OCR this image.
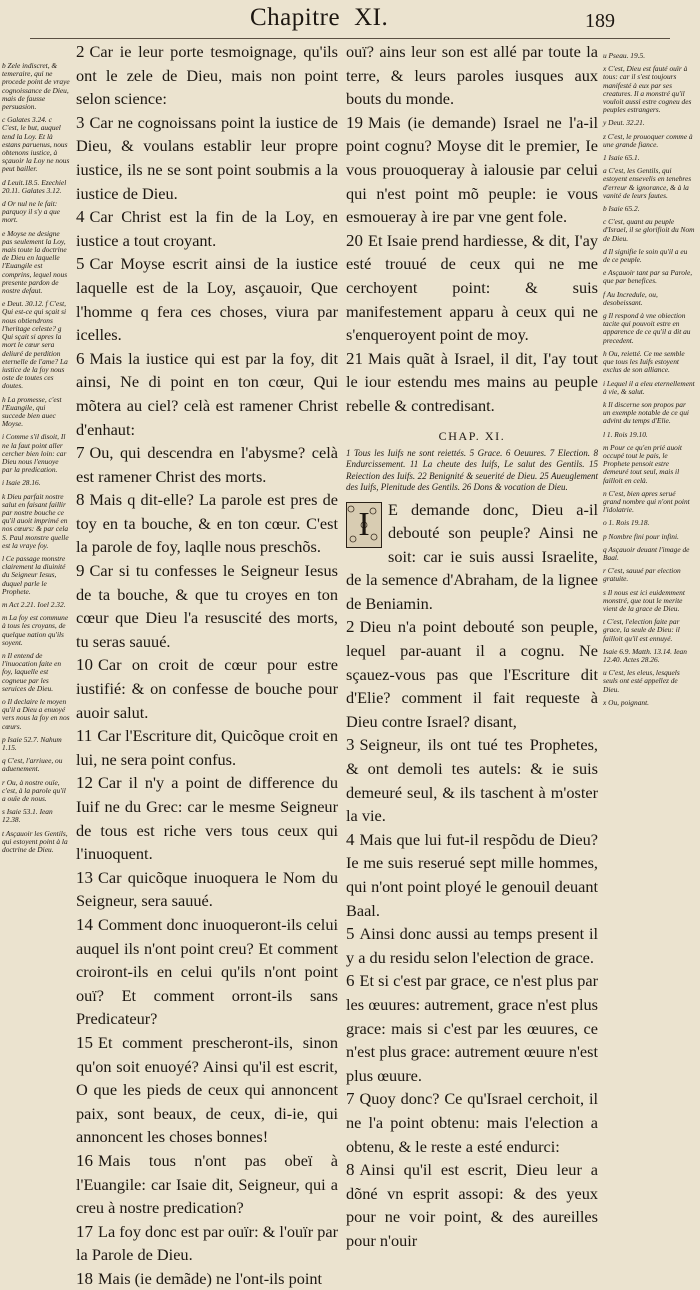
Chapitre XI.	189
b Zele indiscret, & temeraire, qui ne procede point de vraye cognoissance de Dieu, mais de fausse persuasion.
c Galates 3.24. c C'est, le but, auquel tend la Loy. Et là estans paruenus, nous obtenons iustice, à sçauoir la Loy ne nous peut bailler.
d Leuit.18.5. Ezechiel 20.11. Galates 3.12.
d Or nul ne le fait: parquoy il s'y a que mort.
e Moyse ne designe pas seulement la Loy, mais toute la doctrine de Dieu en laquelle l'Euangile est comprins, lequel nous presente pardon de nostre defaut.
e Deut. 30.12. f C'est, Qui est-ce qui sçait si nous obtiendrons l'heritage celeste? g Qui sçait si apres la mort le cœur sera deliuré de perdition eternelle de l'ame? La iustice de la foy nous oste de toutes ces doutes.
h La promesse, c'est l'Euangile, qui succede bien auec Moyse.
i Comme s'il disoit, Il ne la faut point aller cercher bien loin: car Dieu nous l'enuoye par la predication.
i Isaie 28.16.
k Dieu parfait nostre salut en faisant faillir par nostre bouche ce qu'il auoit imprimé en nos cœurs: & par cela S. Paul monstre quelle est la vraye foy.
l Ce passage monstre clairement la diuinité du Seigneur Iesus, duquel parle le Prophete.
m Act 2.21. Ioel 2.32.
m La foy est commune à tous les croyans, de quelque nation qu'ils soyent.
n Il entend de l'inuocation faite en foy, laquelle est cogneue par les seruices de Dieu.
o Il declaire le moyen qu'il a Dieu a enuoyé vers nous la foy en nos cœurs.
p Isaie 52.7. Nahum 1.15.
q C'est, l'arriuee, ou aduenement.
r Ou, à nostre ouïe, c'est, à la parole qu'il a ouïe de nous.
s Isaie 53.1. Iean 12.38.
t Asçauoir les Gentils, qui estoyent point à la doctrine de Dieu.
2 Car ie leur porte tesmoignage, qu'ils ont le zele de Dieu, mais non point selon science:
3 Car ne cognoissans point la iustice de Dieu, & voulans establir leur propre iustice, ils ne se sont point soubmis a la iustice de Dieu.
4 Car Christ est la fin de la Loy, en iustice a tout croyant.
5 Car Moyse escrit ainsi de la iustice laquelle est de la Loy, asçauoir, Que l'homme q fera ces choses, viura par icelles.
6 Mais la iustice qui est par la foy, dit ainsi, Ne di point en ton cœur, Qui mõtera au ciel? celà est ramener Christ d'enhaut:
7 Ou, qui descendra en l'abysme? celà est ramener Christ des morts.
8 Mais q dit-elle? La parole est pres de toy en ta bouche, & en ton cœur. C'est la parole de foy, laqlle nous preschõs.
9 Car si tu confesses le Seigneur Iesus de ta bouche, & que tu croyes en ton cœur que Dieu l'a resuscité des morts, tu seras sauué.
10 Car on croit de cœur pour estre iustifié: & on confesse de bouche pour auoir salut.
11 Car l'Escriture dit, Quicõque croit en lui, ne sera point confus.
12 Car il n'y a point de difference du Iuif ne du Grec: car le mesme Seigneur de tous est riche vers tous ceux qui l'inuoquent.
13 Car quicõque inuoquera le Nom du Seigneur, sera sauué.
14 Comment donc inuoqueront-ils celui auquel ils n'ont point creu? Et comment croiront-ils en celui qu'ils n'ont point ouï? Et comment orront-ils sans Predicateur?
15 Et comment prescheront-ils, sinon qu'on soit enuoyé? Ainsi qu'il est escrit, O que les pieds de ceux qui annoncent paix, sont beaux, de ceux, di-ie, qui annoncent les choses bonnes!
16 Mais tous n'ont pas obeï à l'Euangile: car Isaie dit, Seigneur, qui a creu à nostre predication?
17 La foy donc est par ouïr: & l'ouïr par la Parole de Dieu.
18 Mais (ie demãde) ne l'ont-ils point
ouï? ains leur son est allé par toute la terre, & leurs paroles iusques aux bouts du monde.
19 Mais (ie demande) Israel ne l'a-il point cognu? Moyse dit le premier, Ie vous prouoqueray à ialousie par celui qui n'est point mõ peuple: ie vous esmoueray à ire par vne gent fole.
20 Et Isaie prend hardiesse, & dit, I'ay esté trouué de ceux qui ne me cerchoyent point: & suis manifestement apparu à ceux qui ne s'enqueroyent point de moy.
21 Mais quãt à Israel, il dit, I'ay tout le iour estendu mes mains au peuple rebelle & contredisant.
CHAP. XI.
1 Tous les Iuifs ne sont reiettés. 5 Grace. 6 Oeuures. 7 Election. 8 Endurcissement. 11 La cheute des Iuifs, Le salut des Gentils. 15 Reiection des Iuifs. 22 Benignité & seuerité de Dieu. 25 Aueuglement des Iuifs, Plenitude des Gentils. 26 Dons & vocation de Dieu.
I	E demande donc, Dieu a-il debouté son peuple? Ainsi ne soit: car ie suis aussi Israelite, de la semence d'Abraham, de la lignee de Beniamin.
2 Dieu n'a point debouté son peuple, lequel par-auant il a cognu. Ne sçauez-vous pas que l'Escriture dit d'Elie? comment il fait requeste à Dieu contre Israel? disant,
3 Seigneur, ils ont tué tes Prophetes, & ont demoli tes autels: & ie suis demeuré seul, & ils taschent à m'oster la vie.
4 Mais que lui fut-il respõdu de Dieu? Ie me suis reserué sept mille hommes, qui n'ont point ployé le genouil deuant Baal.
5 Ainsi donc aussi au temps present il y a du residu selon l'election de grace.
6 Et si c'est par grace, ce n'est plus par les œuures: autrement, grace n'est plus grace: mais si c'est par les œuures, ce n'est plus grace: autrement œuure n'est plus œuure.
7 Quoy donc? Ce qu'Israel cerchoit, il ne l'a point obtenu: mais l'election a obtenu, & le reste a esté endurci:
8 Ainsi qu'il est escrit, Dieu leur a dõné vn esprit assopi: & des yeux pour ne voir point, & des aureilles pour n'ouir
u Pseau. 19.5.
x C'est, Dieu est fauté ouïr à tous: car il s'est toujours manifesté à eux par ses creatures. Il a monstré qu'il vouloit aussi estre cogneu des peuples estrangers.
y Deut. 32.21.
z C'est, le prouoquer comme à une grande fiance.
1 Isaie 65.1.
a C'est, les Gentils, qui estoyent ensevelis en tenebres d'erreur & ignorance, & à la vanité de leurs fautes.
b Isaie 65.2.
c C'est, quant au peuple d'Israel, il se glorifioit du Nom de Dieu.
d Il signifie le soin qu'il a eu de ce peuple.
e Asçauoir tant par sa Parole, que par benefices.
f Au Incredule, ou, desobeissant.
g Il respond à vne obiection tacite qui pouvoit estre en apparence de ce qu'il a dit au precedent.
h Ou, reietté. Ce me semble que tous les Iuifs estoyent exclus de son alliance.
i Lequel il a eleu eternellement à vie, & salut.
k Il discerne son propos par un exemple notable de ce qui advint du temps d'Elie.
l 1. Rois 19.10.
m Pour ce qu'en prié auoit occupé tout le pais, le Prophete pensoit estre demeuré tout seul, mais il failloit en celà.
n C'est, bien apres serué grand nombre qui n'ont point l'idolatrie.
o 1. Rois 19.18.
p Nombre fini pour infini.
q Asçauoir deuant l'image de Baal.
r C'est, sauué par election gratuite.
s Il nous est ici euidemment monstré, que tout le merite vient de la grace de Dieu.
t C'est, l'election faite par grace, la seule de Dieu: il failloit qu'il est ennuyé.
Isaie 6.9. Matth. 13.14. Iean 12.40. Actes 28.26.
u C'est, les eleus, lesquels seuls ont esté appellez de Dieu.
x Ou, poignant.
